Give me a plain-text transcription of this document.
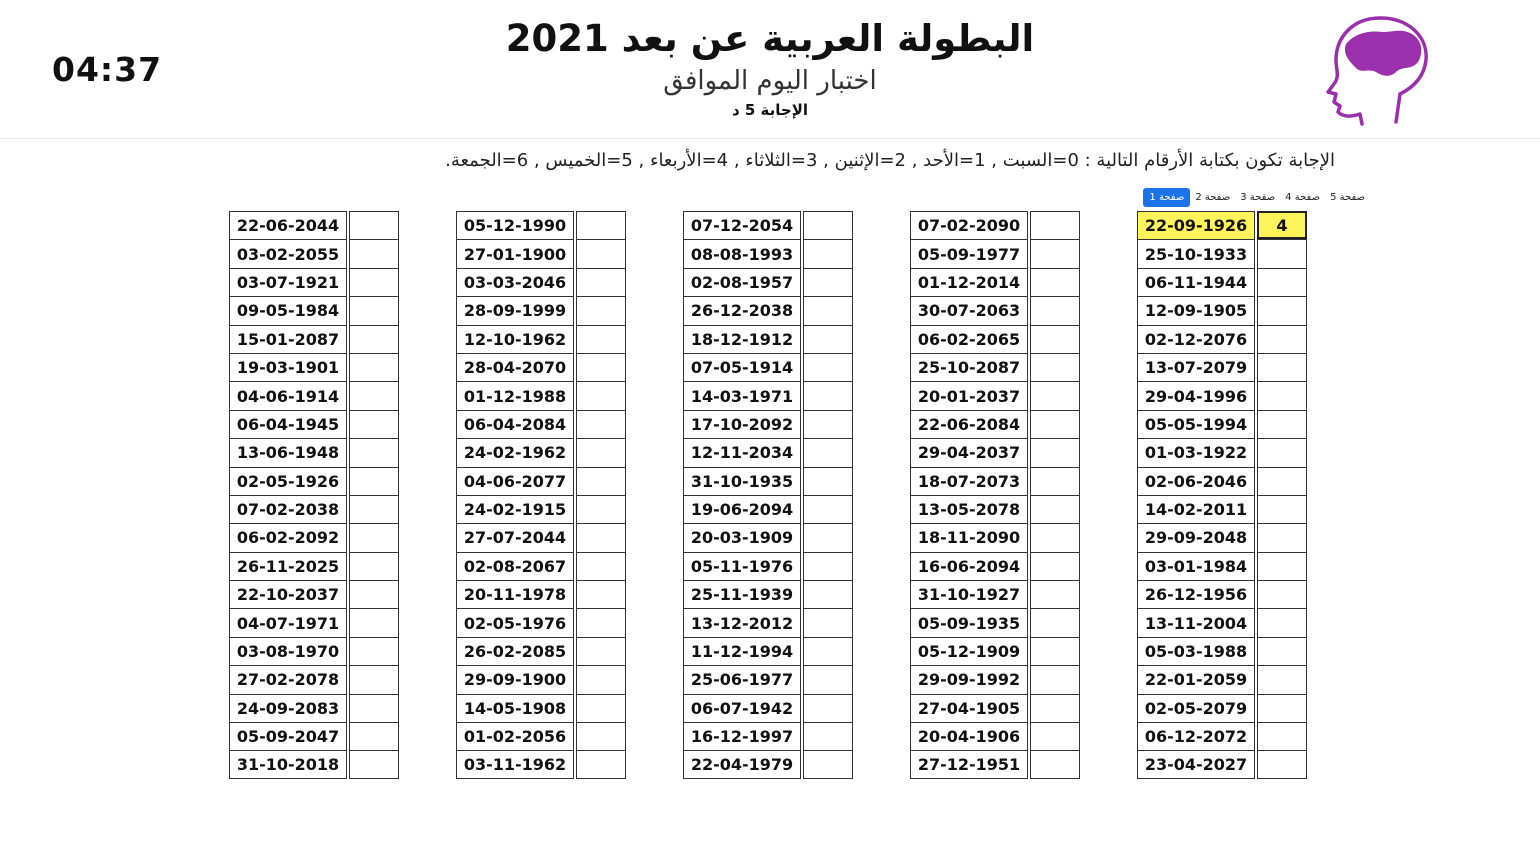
04:37
البطولة العربية عن بعد 2021
اختبار اليوم الموافق
الإجابة 5 د
الإجابة تكون بكتابة الأرقام التالية : 0=السبت , 1=الأحد , 2=الإثنين , 3=الثلاثاء , 4=الأربعاء , 5=الخميس , 6=الجمعة.
صفحة 1	صفحة 2	صفحة 3	صفحة 4	صفحة 5
22-09-1926	4
25-10-1933
06-11-1944
12-09-1905
02-12-2076
13-07-2079
29-04-1996
05-05-1994
01-03-1922
02-06-2046
14-02-2011
29-09-2048
03-01-1984
26-12-1956
13-11-2004
05-03-1988
22-01-2059
02-05-2079
06-12-2072
23-04-2027
07-02-2090
05-09-1977
01-12-2014
30-07-2063
06-02-2065
25-10-2087
20-01-2037
22-06-2084
29-04-2037
18-07-2073
13-05-2078
18-11-2090
16-06-2094
31-10-1927
05-09-1935
05-12-1909
29-09-1992
27-04-1905
20-04-1906
27-12-1951
07-12-2054
08-08-1993
02-08-1957
26-12-2038
18-12-1912
07-05-1914
14-03-1971
17-10-2092
12-11-2034
31-10-1935
19-06-2094
20-03-1909
05-11-1976
25-11-1939
13-12-2012
11-12-1994
25-06-1977
06-07-1942
16-12-1997
22-04-1979
05-12-1990
27-01-1900
03-03-2046
28-09-1999
12-10-1962
28-04-2070
01-12-1988
06-04-2084
24-02-1962
04-06-2077
24-02-1915
27-07-2044
02-08-2067
20-11-1978
02-05-1976
26-02-2085
29-09-1900
14-05-1908
01-02-2056
03-11-1962
22-06-2044
03-02-2055
03-07-1921
09-05-1984
15-01-2087
19-03-1901
04-06-1914
06-04-1945
13-06-1948
02-05-1926
07-02-2038
06-02-2092
26-11-2025
22-10-2037
04-07-1971
03-08-1970
27-02-2078
24-09-2083
05-09-2047
31-10-2018
